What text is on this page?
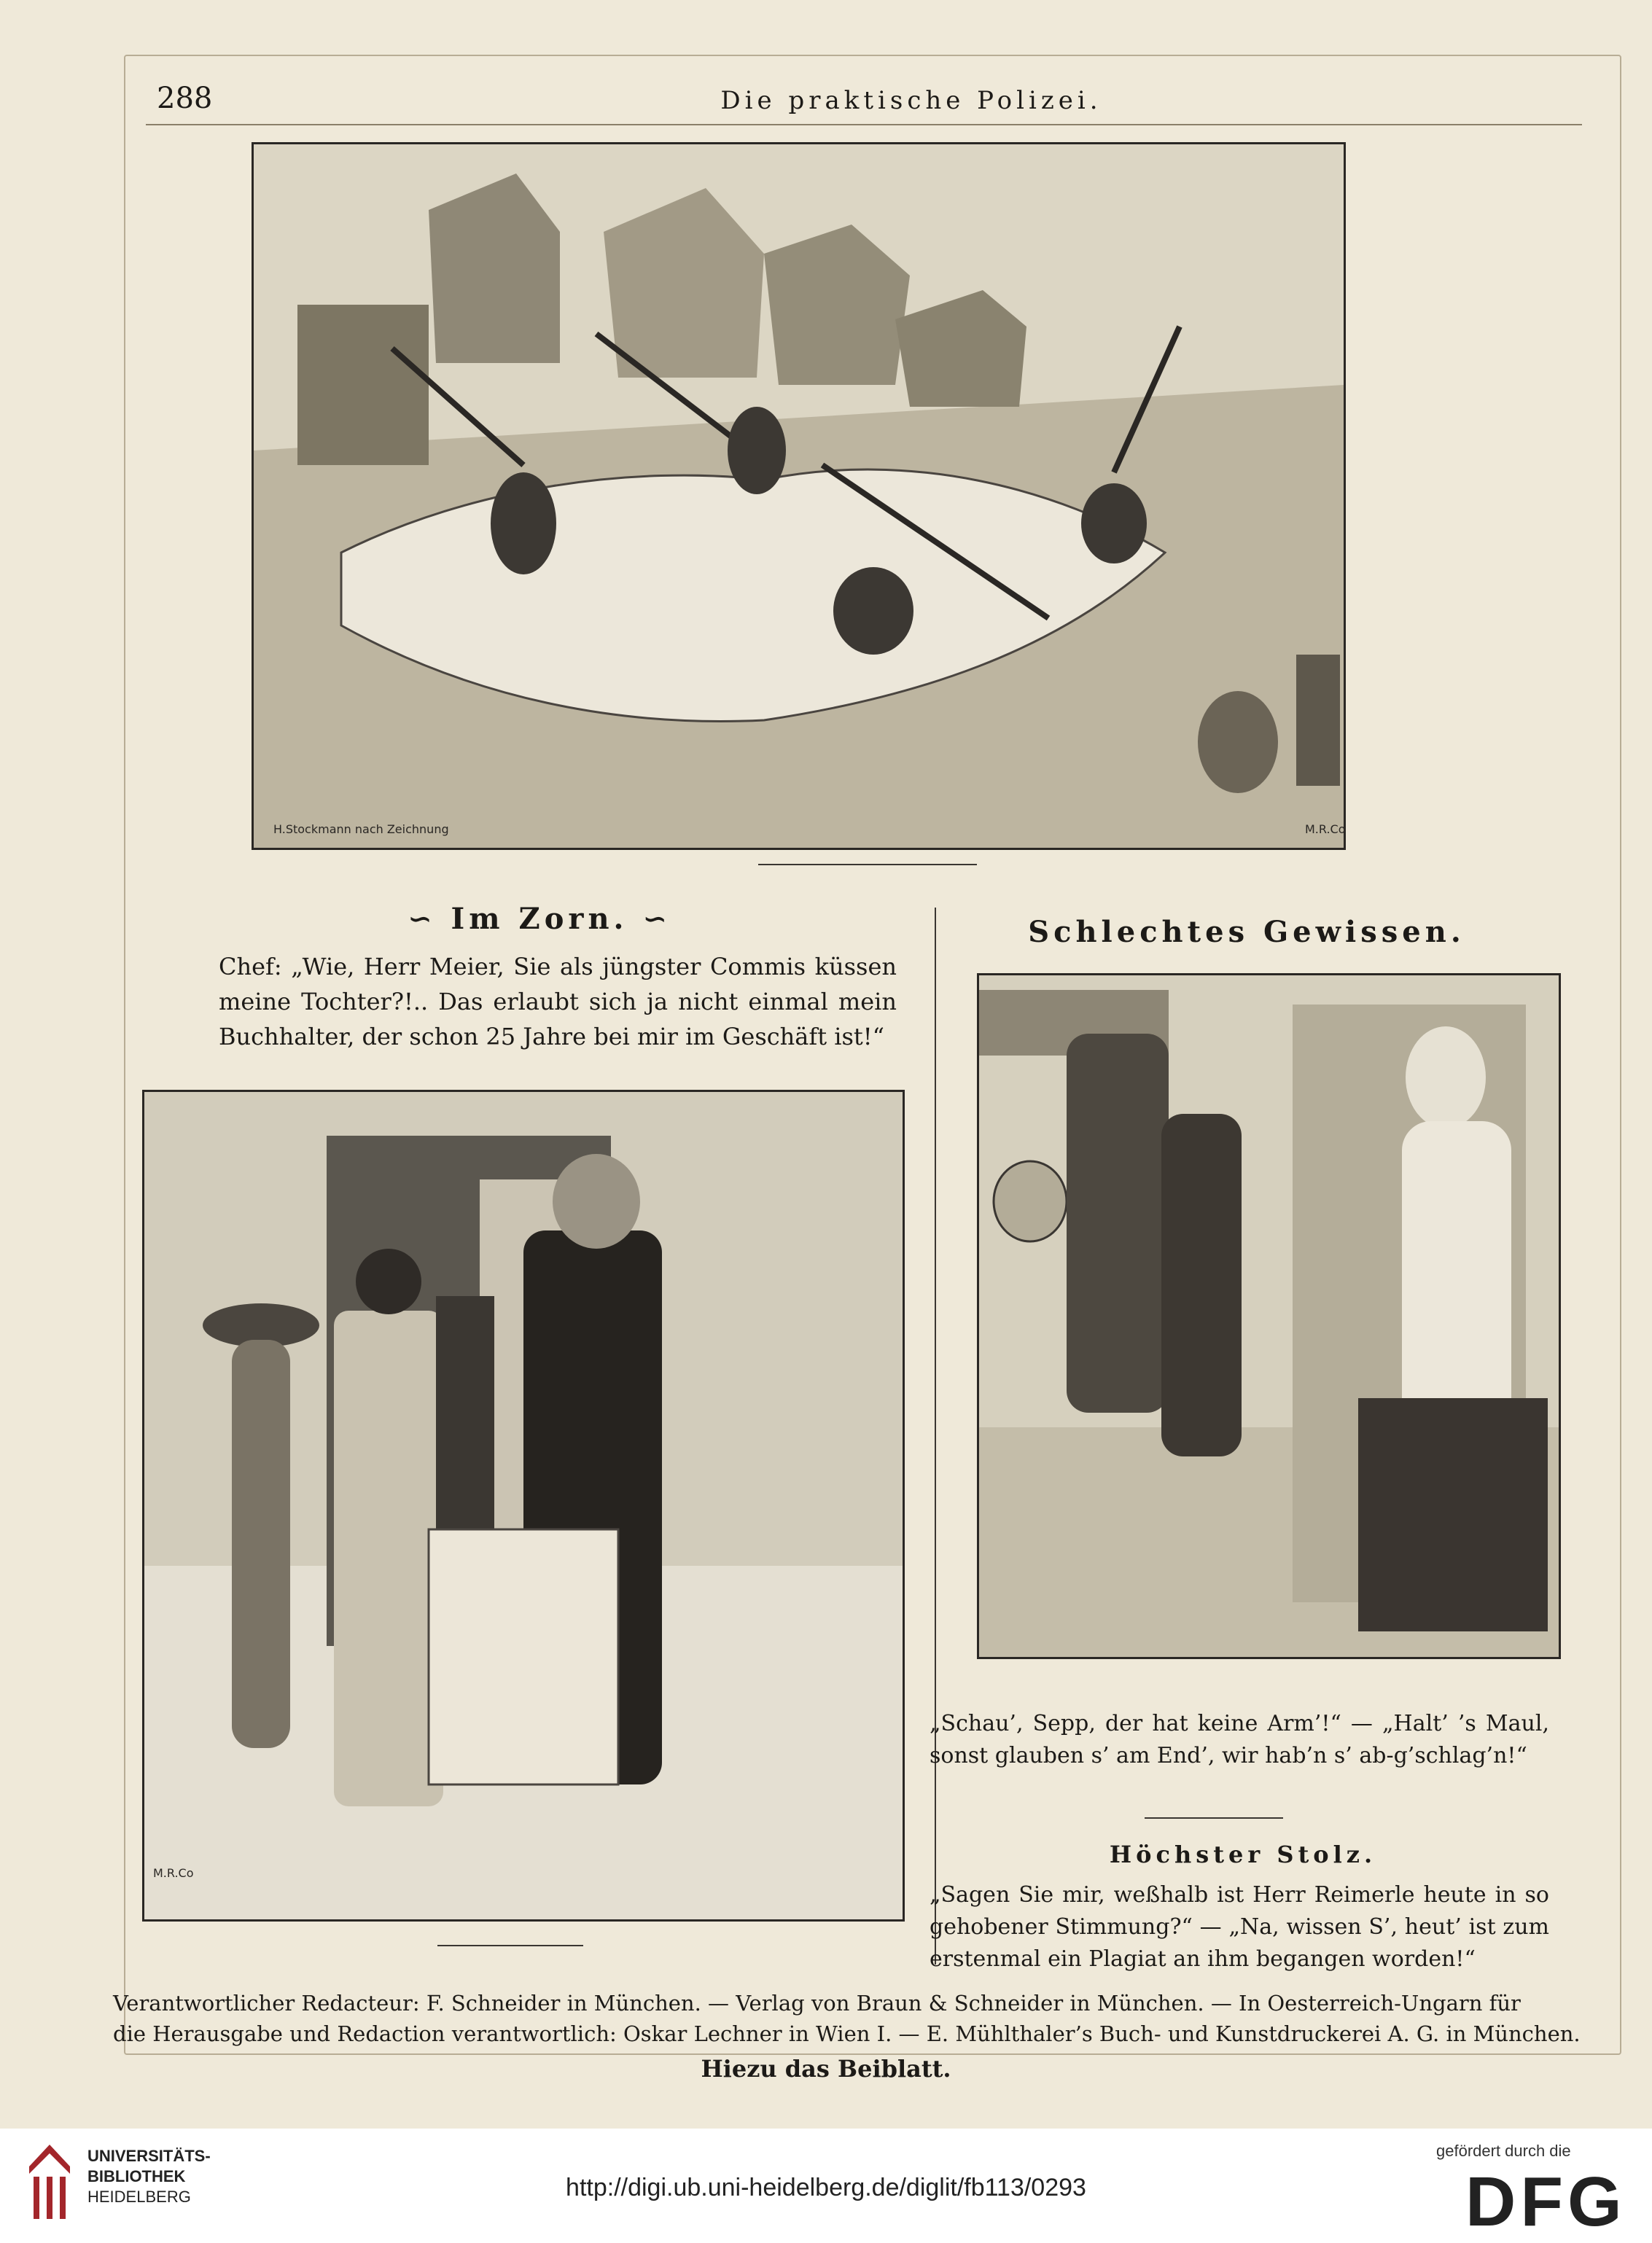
288	Die praktische Polizei.
H.Stockmann nach Zeichnung	M.R.Co
∽ Im Zorn. ∽
Chef: „Wie, Herr Meier, Sie als jüngster Commis küssen meine Tochter?!.. Das erlaubt sich ja nicht einmal mein Buchhalter, der schon 25 Jahre bei mir im Geschäft ist!“
M.R.Co
Schlechtes Gewissen.
„Schau’, Sepp, der hat keine Arm’!“ — „Halt’ ’s Maul, sonst glauben s’ am End’, wir hab’n s’ ab-g’schlag’n!“
Höchster Stolz.
„Sagen Sie mir, weßhalb ist Herr Reimerle heute in so gehobener Stimmung?“ — „Na, wissen S’, heut’ ist zum erstenmal ein Plagiat an ihm begangen worden!“
Verantwortlicher Redacteur: F. Schneider in München. — Verlag von Braun & Schneider in München. — In Oesterreich-Ungarn für
die Herausgabe und Redaction verantwortlich: Oskar Lechner in Wien I. — E. Mühlthaler’s Buch- und Kunstdruckerei A. G. in München.
Hiezu das Beiblatt.
UNIVERSITÄTS-
BIBLIOTHEK
HEIDELBERG	http://digi.ub.uni-heidelberg.de/diglit/fb113/0293
gefördert durch die
DFG
